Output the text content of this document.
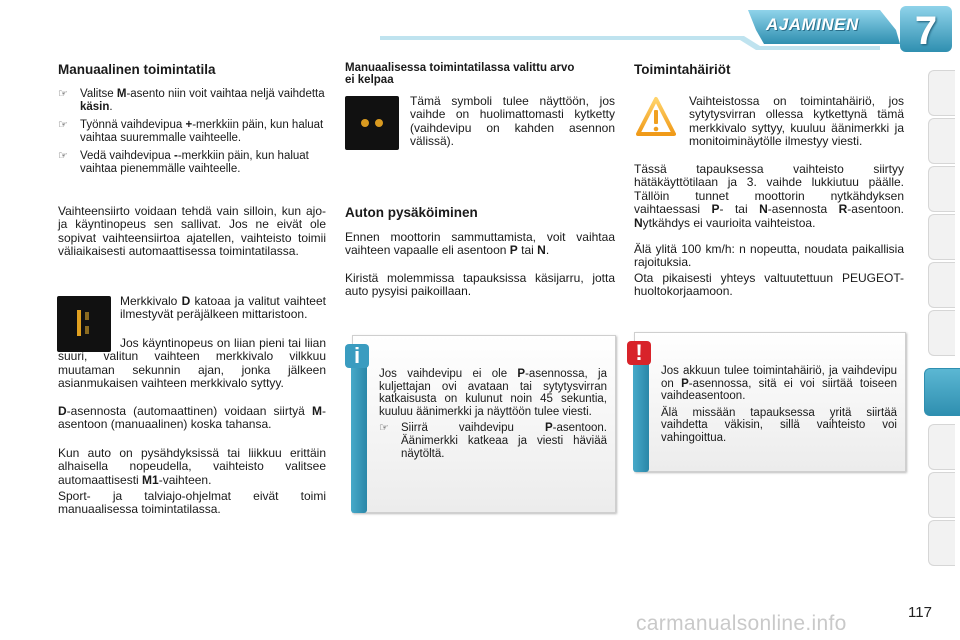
AJAMINEN 7
Manuaalinen toimintatila

☞ Valitse M-asento niin voit vaihtaa neljä vaihdetta käsin.

☞ Työnnä vaihdevipua +-merkkiin päin, kun haluat vaihtaa suuremmalle vaihteelle.

☞ Vedä vaihdevipua --merkkiin päin, kun haluat vaihtaa pienemmälle vaihteelle.

Vaihteensiirto voidaan tehdä vain silloin, kun ajo- ja käyntinopeus sen sallivat. Jos ne eivät ole sopivat vaihteensiirtoa ajatellen, vaihteisto toimii väliaikaisesti automaattisessa toimintatilassa.

Merkkivalo D katoaa ja valitut vaihteet ilmestyvät peräjälkeen mittaristoon.

Jos käyntinopeus on liian pieni tai liian suuri, valitun vaihteen merkkivalo vilkkuu muutaman sekunnin ajan, jonka jälkeen asianmukaisen vaihteen merkkivalo syttyy.

D-asennosta (automaattinen) voidaan siirtyä M-asentoon (manuaalinen) koska tahansa.

Kun auto on pysähdyksissä tai liikkuu erittäin alhaisella nopeudella, vaihteisto valitsee automaattisesti M1-vaihteen.

Sport- ja talviajo-ohjelmat eivät toimi manuaalisessa toimintatilassa.

Manuaalisessa toimintatilassa valittu arvo ei kelpaa

Tämä symboli tulee näyttöön, jos vaihde on huolimattomasti kytketty (vaihdevipu on kahden asennon välissä).

Auton pysäköiminen

Ennen moottorin sammuttamista, voit vaihtaa vaihteen vapaalle eli asentoon P tai N.

Kiristä molemmissa tapauksissa käsijarru, jotta auto pysyisi paikoillaan.

i

Jos vaihdevipu ei ole P-asennossa, ja kuljettajan ovi avataan tai sytytysvirran katkaisusta on kulunut noin 45 sekuntia, kuuluu äänimerkki ja näyttöön tulee viesti.

☞ Siirrä vaihdevipu P-asentoon. Äänimerkki katkeaa ja viesti häviää näytöltä.

Toimintahäiriöt

Vaihteistossa on toimintahäiriö, jos sytytysvirran ollessa kytkettynä tämä merkkivalo syttyy, kuuluu äänimerkki ja monitoiminäytölle ilmestyy viesti.

Tässä tapauksessa vaihteisto siirtyy hätäkäyttötilaan ja 3. vaihde lukkiutuu päälle. Tällöin tunnet moottorin nytkähdyksen vaihtaessasi P- tai N-asennosta R-asentoon. Nytkähdys ei vaurioita vaihteistoa.

Älä ylitä 100 km/h: n nopeutta, noudata paikallisia rajoituksia.

Ota pikaisesti yhteys valtuutettuun PEUGEOT-huoltokorjaamoon.

!

Jos akkuun tulee toimintahäiriö, ja vaihdevipu on P-asennossa, sitä ei voi siirtää toiseen vaihdeasentoon.

Älä missään tapauksessa yritä siirtää vaihdetta väkisin, sillä vaihteisto voi vahingoittua.

117
carmanualsonline.info
